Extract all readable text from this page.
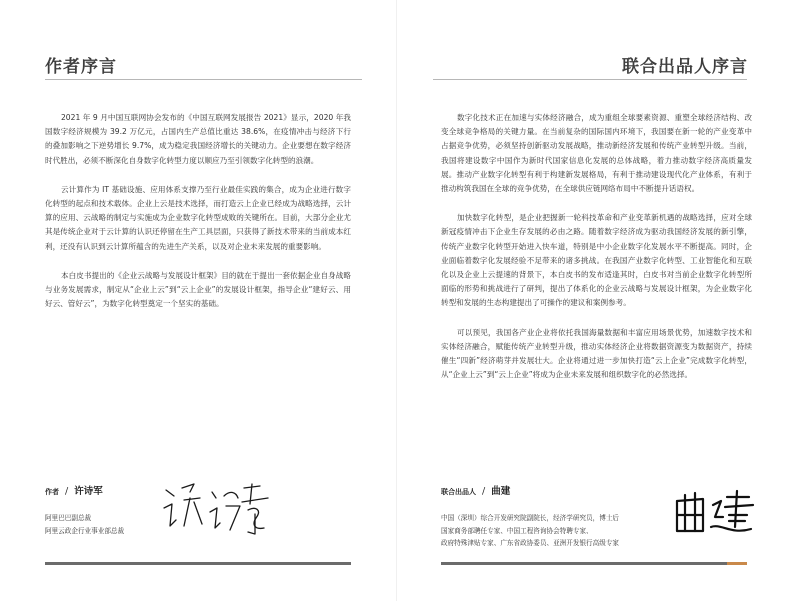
作者序言

2021 年 9 月中国互联网协会发布的《中国互联网发展报告 2021》显示，2020 年我国数字经济规模为 39.2 万亿元，占国内生产总值比重达 38.6%，在疫情冲击与经济下行的叠加影响之下逆势增长 9.7%，成为稳定我国经济增长的关键动力。企业要想在数字经济时代胜出，必须不断深化自身数字化转型力度以顺应乃至引领数字化转型的浪潮。

云计算作为 IT 基础设施、应用体系支撑乃至行业最佳实践的集合，成为企业进行数字化转型的起点和技术载体。企业上云是技术选择，而打造云上企业已经成为战略选择，云计算的应用、云战略的制定与实施成为企业数字化转型成败的关键所在。目前，大部分企业尤其是传统企业对于云计算的认识还停留在生产工具层面，只获得了新技术带来的当前成本红利，还没有认识到云计算所蕴含的先进生产关系，以及对企业未来发展的重要影响。

本白皮书提出的《企业云战略与发展设计框架》目的就在于提出一套依据企业自身战略与业务发展需求，制定从“企业上云”到“云上企业”的发展设计框架，指导企业“建好云、用好云、管好云”，为数字化转型奠定一个坚实的基础。

作者 / 许诗军
阿里巴巴副总裁
阿里云政企行业事业部总裁
联合出品人序言

数字化技术正在加速与实体经济融合，成为重组全球要素资源、重塑全球经济结构、改变全球竞争格局的关键力量。在当前复杂的国际国内环境下，我国要在新一轮的产业变革中占据竞争优势，必须坚持创新驱动发展战略，推动新经济发展和传统产业转型升级。当前，我国将建设数字中国作为新时代国家信息化发展的总体战略，着力推动数字经济高质量发展。推动产业数字化转型有利于构建新发展格局，有利于推动建设现代化产业体系，有利于推动构筑我国在全球的竞争优势，在全球供应链网络布局中不断提升话语权。

加快数字化转型，是企业把握新一轮科技革命和产业变革新机遇的战略选择，应对全球新冠疫情冲击下企业生存发展的必由之路。随着数字经济成为驱动我国经济发展的新引擎，传统产业数字化转型开始进入快车道，特别是中小企业数字化发展水平不断提高。同时，企业面临着数字化发展经验不足带来的诸多挑战。在我国产业数字化转型、工业智能化和互联化以及企业上云提速的背景下，本白皮书的发布适逢其时，白皮书对当前企业数字化转型所面临的形势和挑战进行了研判，提出了体系化的企业云战略与发展设计框架，为企业数字化转型和发展的生态构建提出了可操作的建议和案例参考。

可以预见，我国各产业企业将依托我国海量数据和丰富应用场景优势，加速数字技术和实体经济融合，赋能传统产业转型升级，推动实体经济企业将数据资源变为数据资产，持续催生“四新”经济萌芽并发展壮大。企业将通过进一步加快打造“云上企业”完成数字化转型，从“企业上云”到“云上企业”将成为企业未来发展和组织数字化的必然选择。

联合出品人 / 曲建
中国（深圳）综合开发研究院副院长，经济学研究员，博士后
国家商务部聘任专家、中国工程咨询协会特聘专家、
政府特殊津贴专家、广东省政协委员、亚洲开发银行高级专家
